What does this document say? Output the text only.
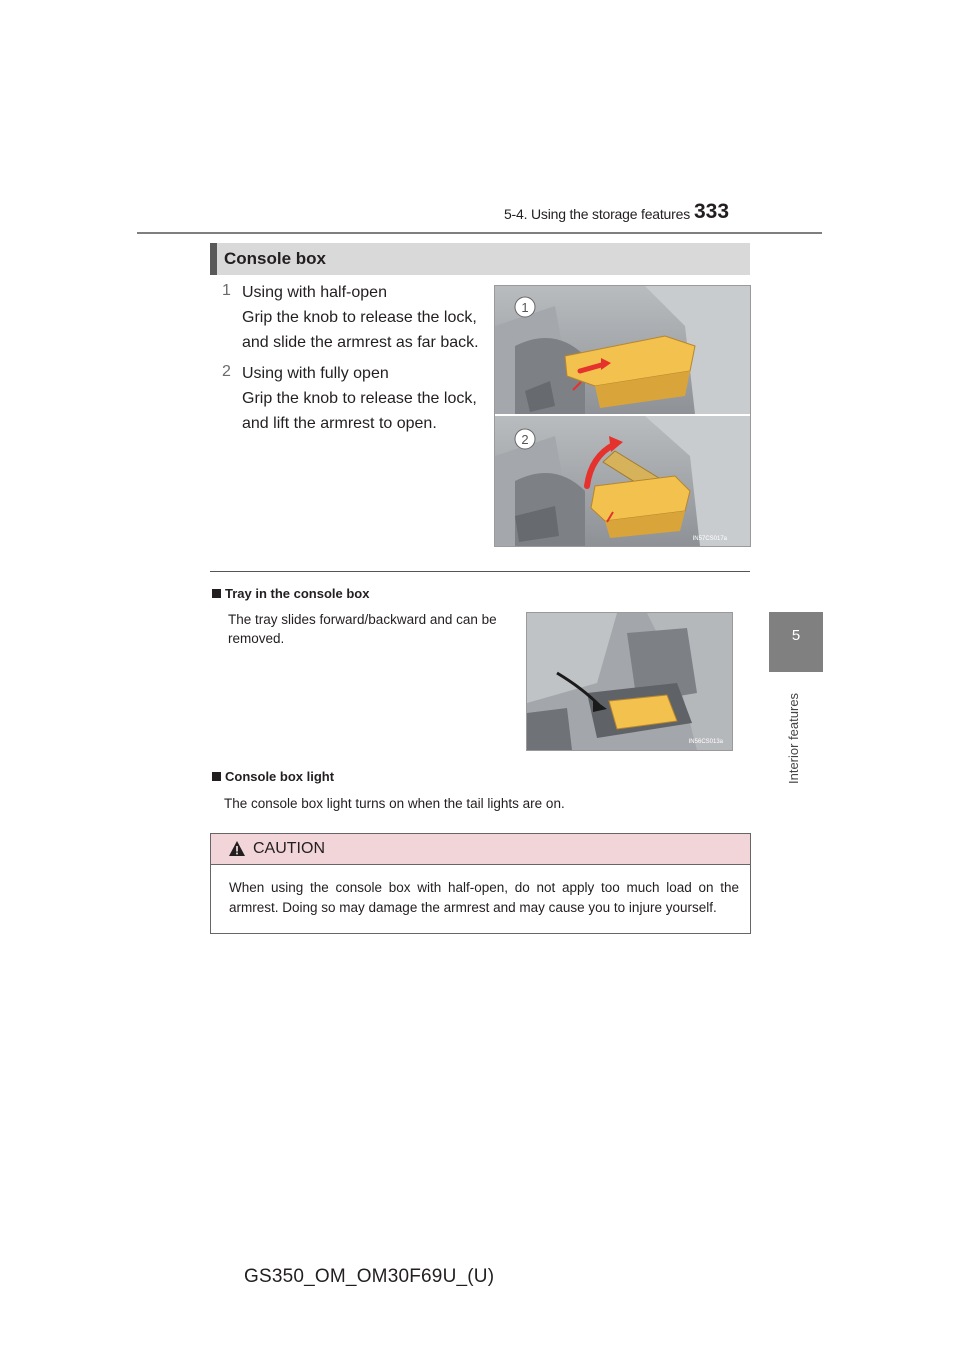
5-4. Using the storage features 333
5
Interior features
Console box
1 Using with half-open
Grip the knob to release the lock,
and slide the armrest as far back.
2 Using with fully open
Grip the knob to release the lock,
and lift the armrest to open.
1
2
IN57CS017a
Tray in the console box
The tray slides forward/backward and can be
removed.
IN56CS013a
Console box light
The console box light turns on when the tail lights are on.
CAUTION
When using the console box with half-open, do not apply too much load on the armrest. Doing so may damage the armrest and may cause you to injure yourself.
GS350_OM_OM30F69U_(U)
